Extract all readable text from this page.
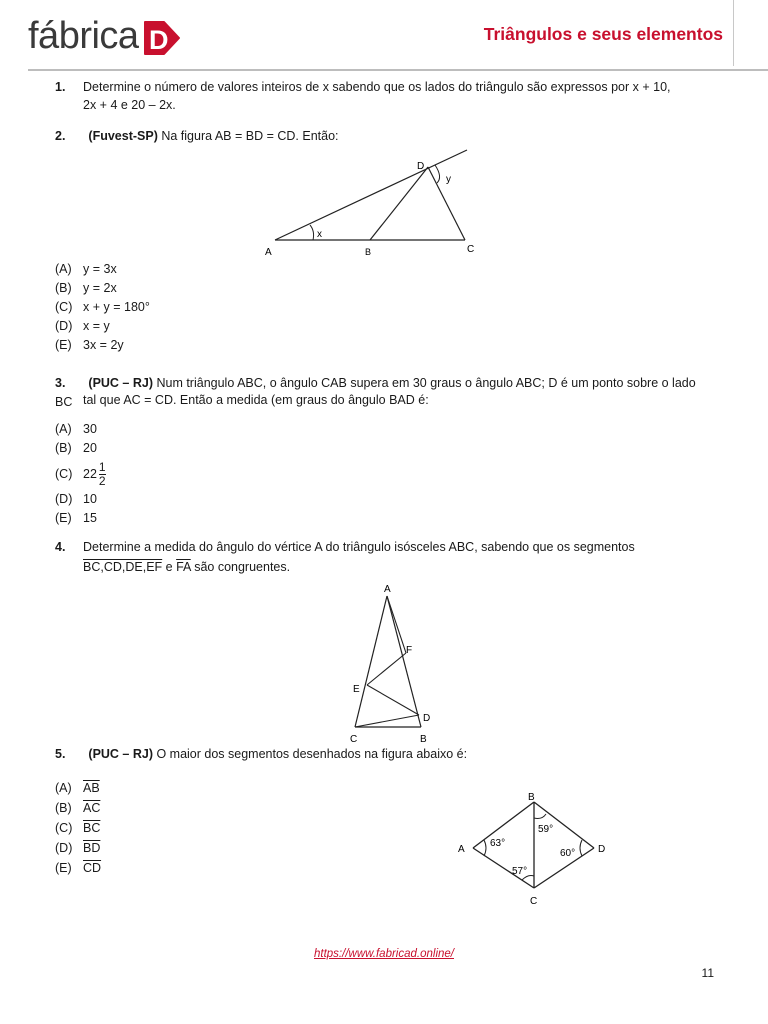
fábrica D	Triângulos e seus elementos
1. Determine o número de valores inteiros de x sabendo que os lados do triângulo são expressos por x + 10,
2x + 4 e 20 – 2x.
2. (Fuvest-SP) Na figura AB = BD = CD. Então:
A	B	C
D
x
y
(A) y = 3x
(B) y = 2x
(C) x + y = 180°
(D) x = y
(E) 3x = 2y
3. (PUC – RJ) Num triângulo ABC, o ângulo CAB supera em 30 graus o ângulo ABC; D é um ponto sobre o lado BC tal que AC = CD. Então a medida (em graus do ângulo BAD é:
(A) 30
(B) 20
(C) $22 \frac{1}{2}$
(D) 10
(E) 15
4. Determine a medida do ângulo do vértice A do triângulo isósceles ABC, sabendo que os segmentos
BC,CD,DE,EF e $\overline{FA}$ são congruentes.
A
F
E
D
C	B
5. (PUC – RJ) O maior dos segmentos desenhados na figura abaixo é:
(A) $\overline{AB}$
(B) $\overline{AC}$
(C) $\overline{BC}$
(D) $\overline{BD}$
(E) $\overline{CD}$
B
A	D
C
63°
59°
60°
57°
https://www.fabricad.online/
11
